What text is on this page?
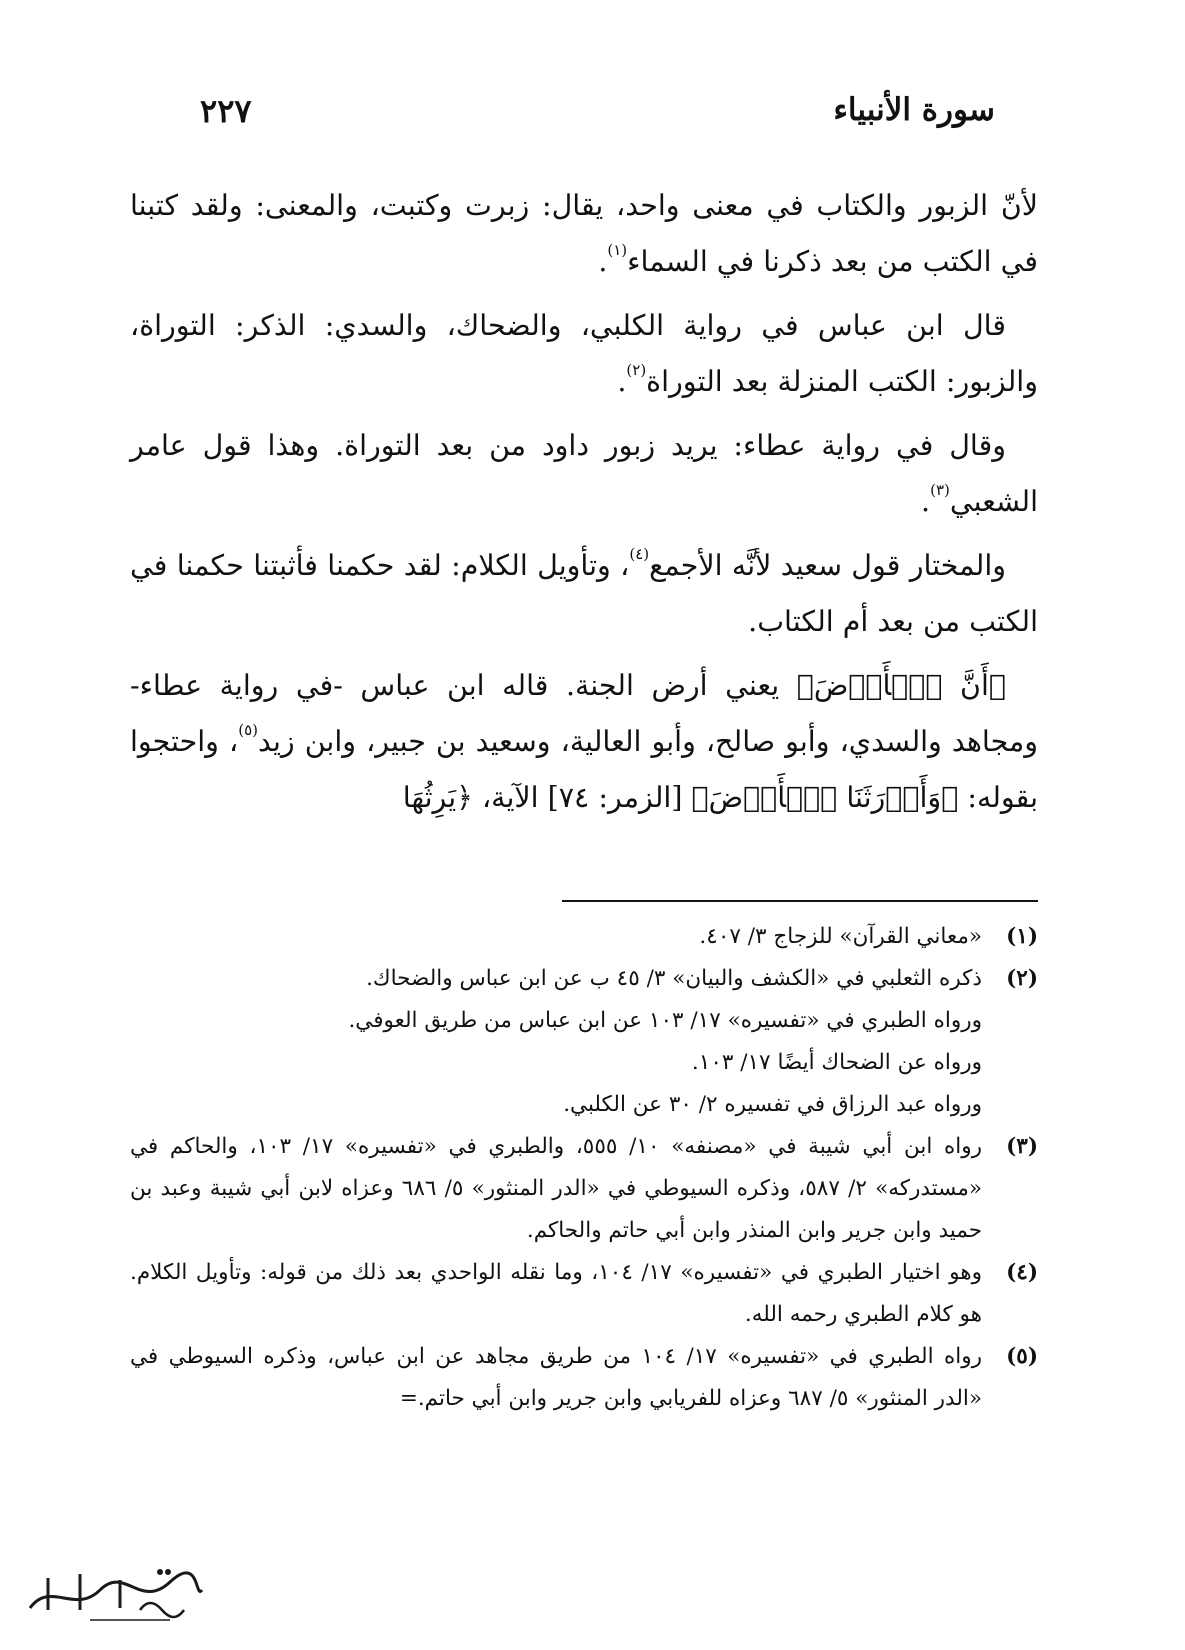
سورة الأنبياء
٢٢٧

لأنّ الزبور والكتاب في معنى واحد، يقال: زبرت وكتبت، والمعنى: ولقد كتبنا في الكتب من بعد ذكرنا في السماء$^{(١)}$.

قال ابن عباس في رواية الكلبي، والضحاك، والسدي: الذكر: التوراة، والزبور: الكتب المنزلة بعد التوراة$^{(٢)}$.

وقال في رواية عطاء: يريد زبور داود من بعد التوراة. وهذا قول عامر الشعبي$^{(٣)}$.

والمختار قول سعيد لأنَّه الأجمع$^{(٤)}$، وتأويل الكلام: لقد حكمنا فأثبتنا حكمنا في الكتب من بعد أم الكتاب.

﴿أَنَّ ٱلۡأَرۡضَ﴾ يعني أرض الجنة. قاله ابن عباس -في رواية عطاء- ومجاهد والسدي، وأبو صالح، وأبو العالية، وسعيد بن جبير، وابن زيد$^{(٥)}$، واحتجوا بقوله: ﴿وَأَوۡرَثَنَا ٱلۡأَرۡضَ﴾ [الزمر: ٧٤] الآية، ﴿يَرِثُهَا

(١)
«معاني القرآن» للزجاج ٣/ ٤٠٧.
(٢)
ذكره الثعلبي في «الكشف والبيان» ٣/ ٤٥ ب عن ابن عباس والضحاك.
ورواه الطبري في «تفسيره» ١٧/ ١٠٣ عن ابن عباس من طريق العوفي.
ورواه عن الضحاك أيضًا ١٧/ ١٠٣.
ورواه عبد الرزاق في تفسيره ٢/ ٣٠ عن الكلبي.
(٣)
رواه ابن أبي شيبة في «مصنفه» ١٠/ ٥٥٥، والطبري في «تفسيره» ١٧/ ١٠٣، والحاكم في «مستدركه» ٢/ ٥٨٧، وذكره السيوطي في «الدر المنثور» ٥/ ٦٨٦ وعزاه لابن أبي شيبة وعبد بن حميد وابن جرير وابن المنذر وابن أبي حاتم والحاكم.
(٤)
وهو اختيار الطبري في «تفسيره» ١٧/ ١٠٤، وما نقله الواحدي بعد ذلك من قوله: وتأويل الكلام. هو كلام الطبري رحمه الله.
(٥)
رواه الطبري في «تفسيره» ١٧/ ١٠٤ من طريق مجاهد عن ابن عباس، وذكره السيوطي في «الدر المنثور» ٥/ ٦٨٧ وعزاه للفريابي وابن جرير وابن أبي حاتم.=
